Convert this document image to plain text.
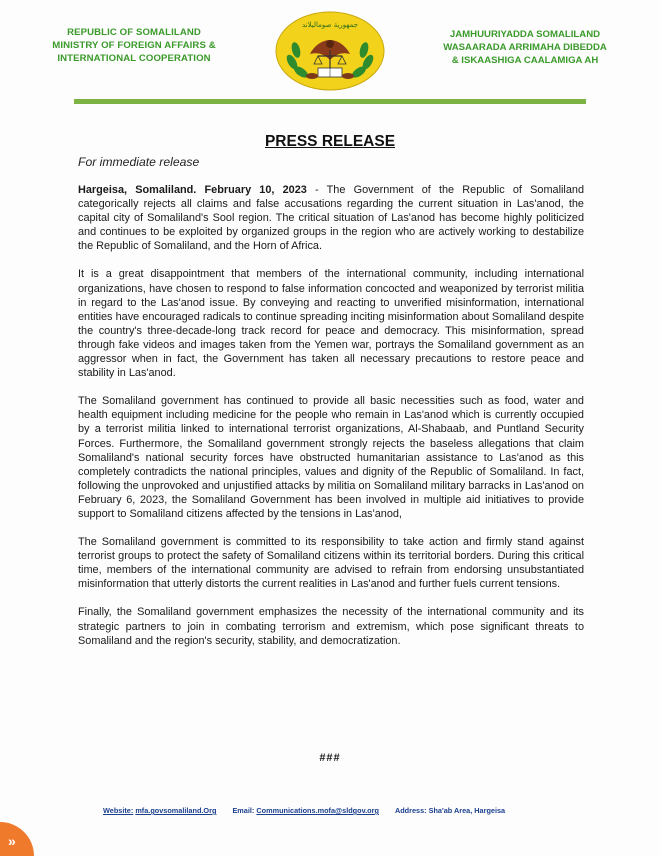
REPUBLIC OF SOMALILAND
MINISTRY OF FOREIGN AFFAIRS &
INTERNATIONAL COOPERATION
جمهورية صوماليلاند
JAMHUURIYADDA SOMALILAND
WASAARADA ARRIMAHA DIBEDDA
& ISKAASHIGA CAALAMIGA AH
PRESS RELEASE
For immediate release

Hargeisa, Somaliland. February 10, 2023 - The Government of the Republic of Somaliland categorically rejects all claims and false accusations regarding the current situation in Las'anod, the capital city of Somaliland's Sool region. The critical situation of Las'anod has become highly politicized and continues to be exploited by organized groups in the region who are actively working to destabilize the Republic of Somaliland, and the Horn of Africa.

It is a great disappointment that members of the international community, including international organizations, have chosen to respond to false information concocted and weaponized by terrorist militia in regard to the Las'anod issue. By conveying and reacting to unverified misinformation, international entities have encouraged radicals to continue spreading inciting misinformation about Somaliland despite the country's three-decade-long track record for peace and democracy. This misinformation, spread through fake videos and images taken from the Yemen war, portrays the Somaliland government as an aggressor when in fact, the Government has taken all necessary precautions to restore peace and stability in Las'anod.

The Somaliland government has continued to provide all basic necessities such as food, water and health equipment including medicine for the people who remain in Las'anod which is currently occupied by a terrorist militia linked to international terrorist organizations, Al-Shabaab, and Puntland Security Forces. Furthermore, the Somaliland government strongly rejects the baseless allegations that claim Somaliland's national security forces have obstructed humanitarian assistance to Las'anod as this completely contradicts the national principles, values and dignity of the Republic of Somaliland. In fact, following the unprovoked and unjustified attacks by militia on Somaliland military barracks in Las'anod on February 6, 2023, the Somaliland Government has been involved in multiple aid initiatives to provide support to Somaliland citizens affected by the tensions in Las'anod,

The Somaliland government is committed to its responsibility to take action and firmly stand against terrorist groups to protect the safety of Somaliland citizens within its territorial borders. During this critical time, members of the international community are advised to refrain from endorsing unsubstantiated misinformation that utterly distorts the current realities in Las'anod and further fuels current tensions.

Finally, the Somaliland government emphasizes the necessity of the international community and its strategic partners to join in combating terrorism and extremism, which pose significant threats to Somaliland and the region's security, stability, and democratization.

###
Website: mfa.govsomaliland.Org Email: Communications.mofa@sldgov.org Address: Sha'ab Area, Hargeisa
»
